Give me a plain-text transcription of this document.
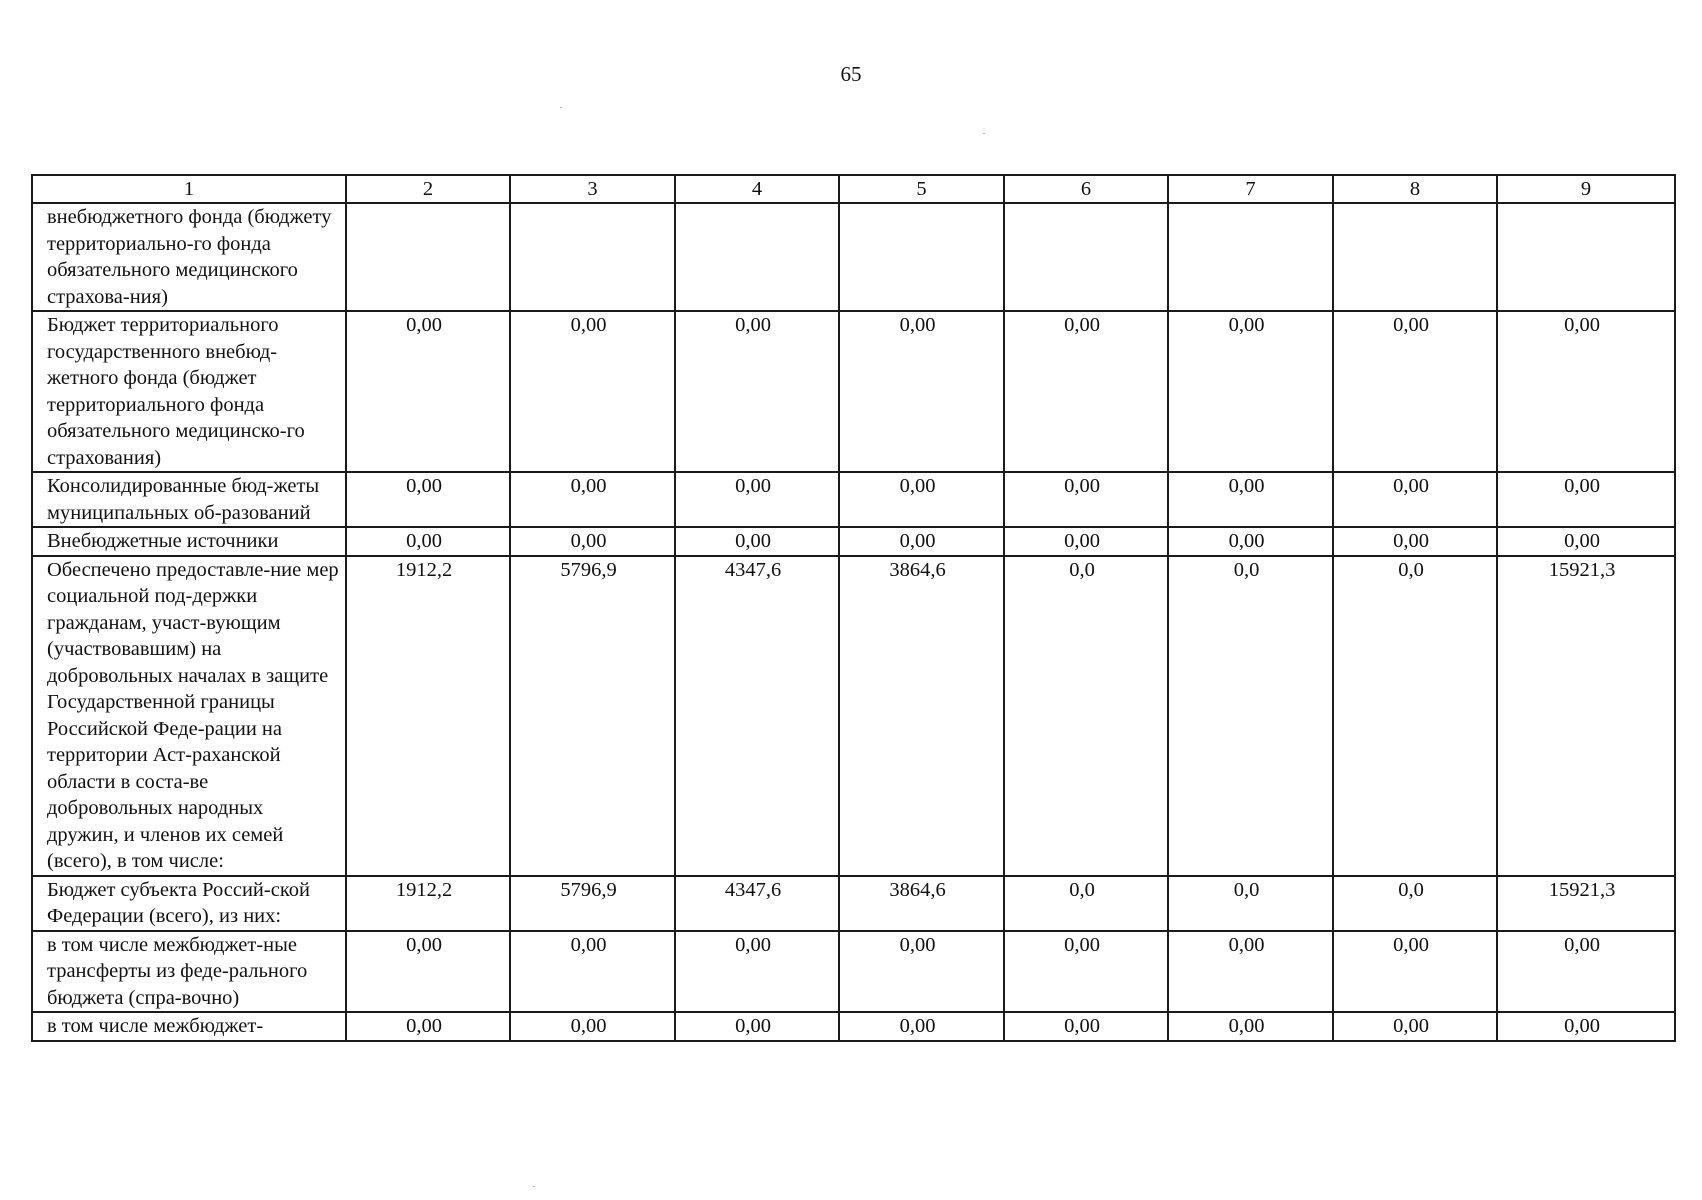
65
1	2	3	4	5	6	7	8	9
внебюджетного фонда (бюджету территориально-го фонда обязательного медицинского страхова-ния)								
Бюджет территориального государственного внебюд-жетного фонда (бюджет территориального фонда обязательного медицинско-го страхования)	0,00	0,00	0,00	0,00	0,00	0,00	0,00	0,00
Консолидированные бюд-жеты муниципальных об-разований	0,00	0,00	0,00	0,00	0,00	0,00	0,00	0,00
Внебюджетные источники	0,00	0,00	0,00	0,00	0,00	0,00	0,00	0,00
Обеспечено предоставле-ние мер социальной под-держки гражданам, участ-вующим (участвовавшим) на добровольных началах в защите Государственной границы Российской Феде-рации на территории Аст-раханской области в соста-ве добровольных народных дружин, и членов их семей (всего), в том числе:	1912,2	5796,9	4347,6	3864,6	0,0	0,0	0,0	15921,3
Бюджет субъекта Россий-ской Федерации (всего), из них:	1912,2	5796,9	4347,6	3864,6	0,0	0,0	0,0	15921,3
в том числе межбюджет-ные трансферты из феде-рального бюджета (спра-вочно)	0,00	0,00	0,00	0,00	0,00	0,00	0,00	0,00
в том числе межбюджет-	0,00	0,00	0,00	0,00	0,00	0,00	0,00	0,00
